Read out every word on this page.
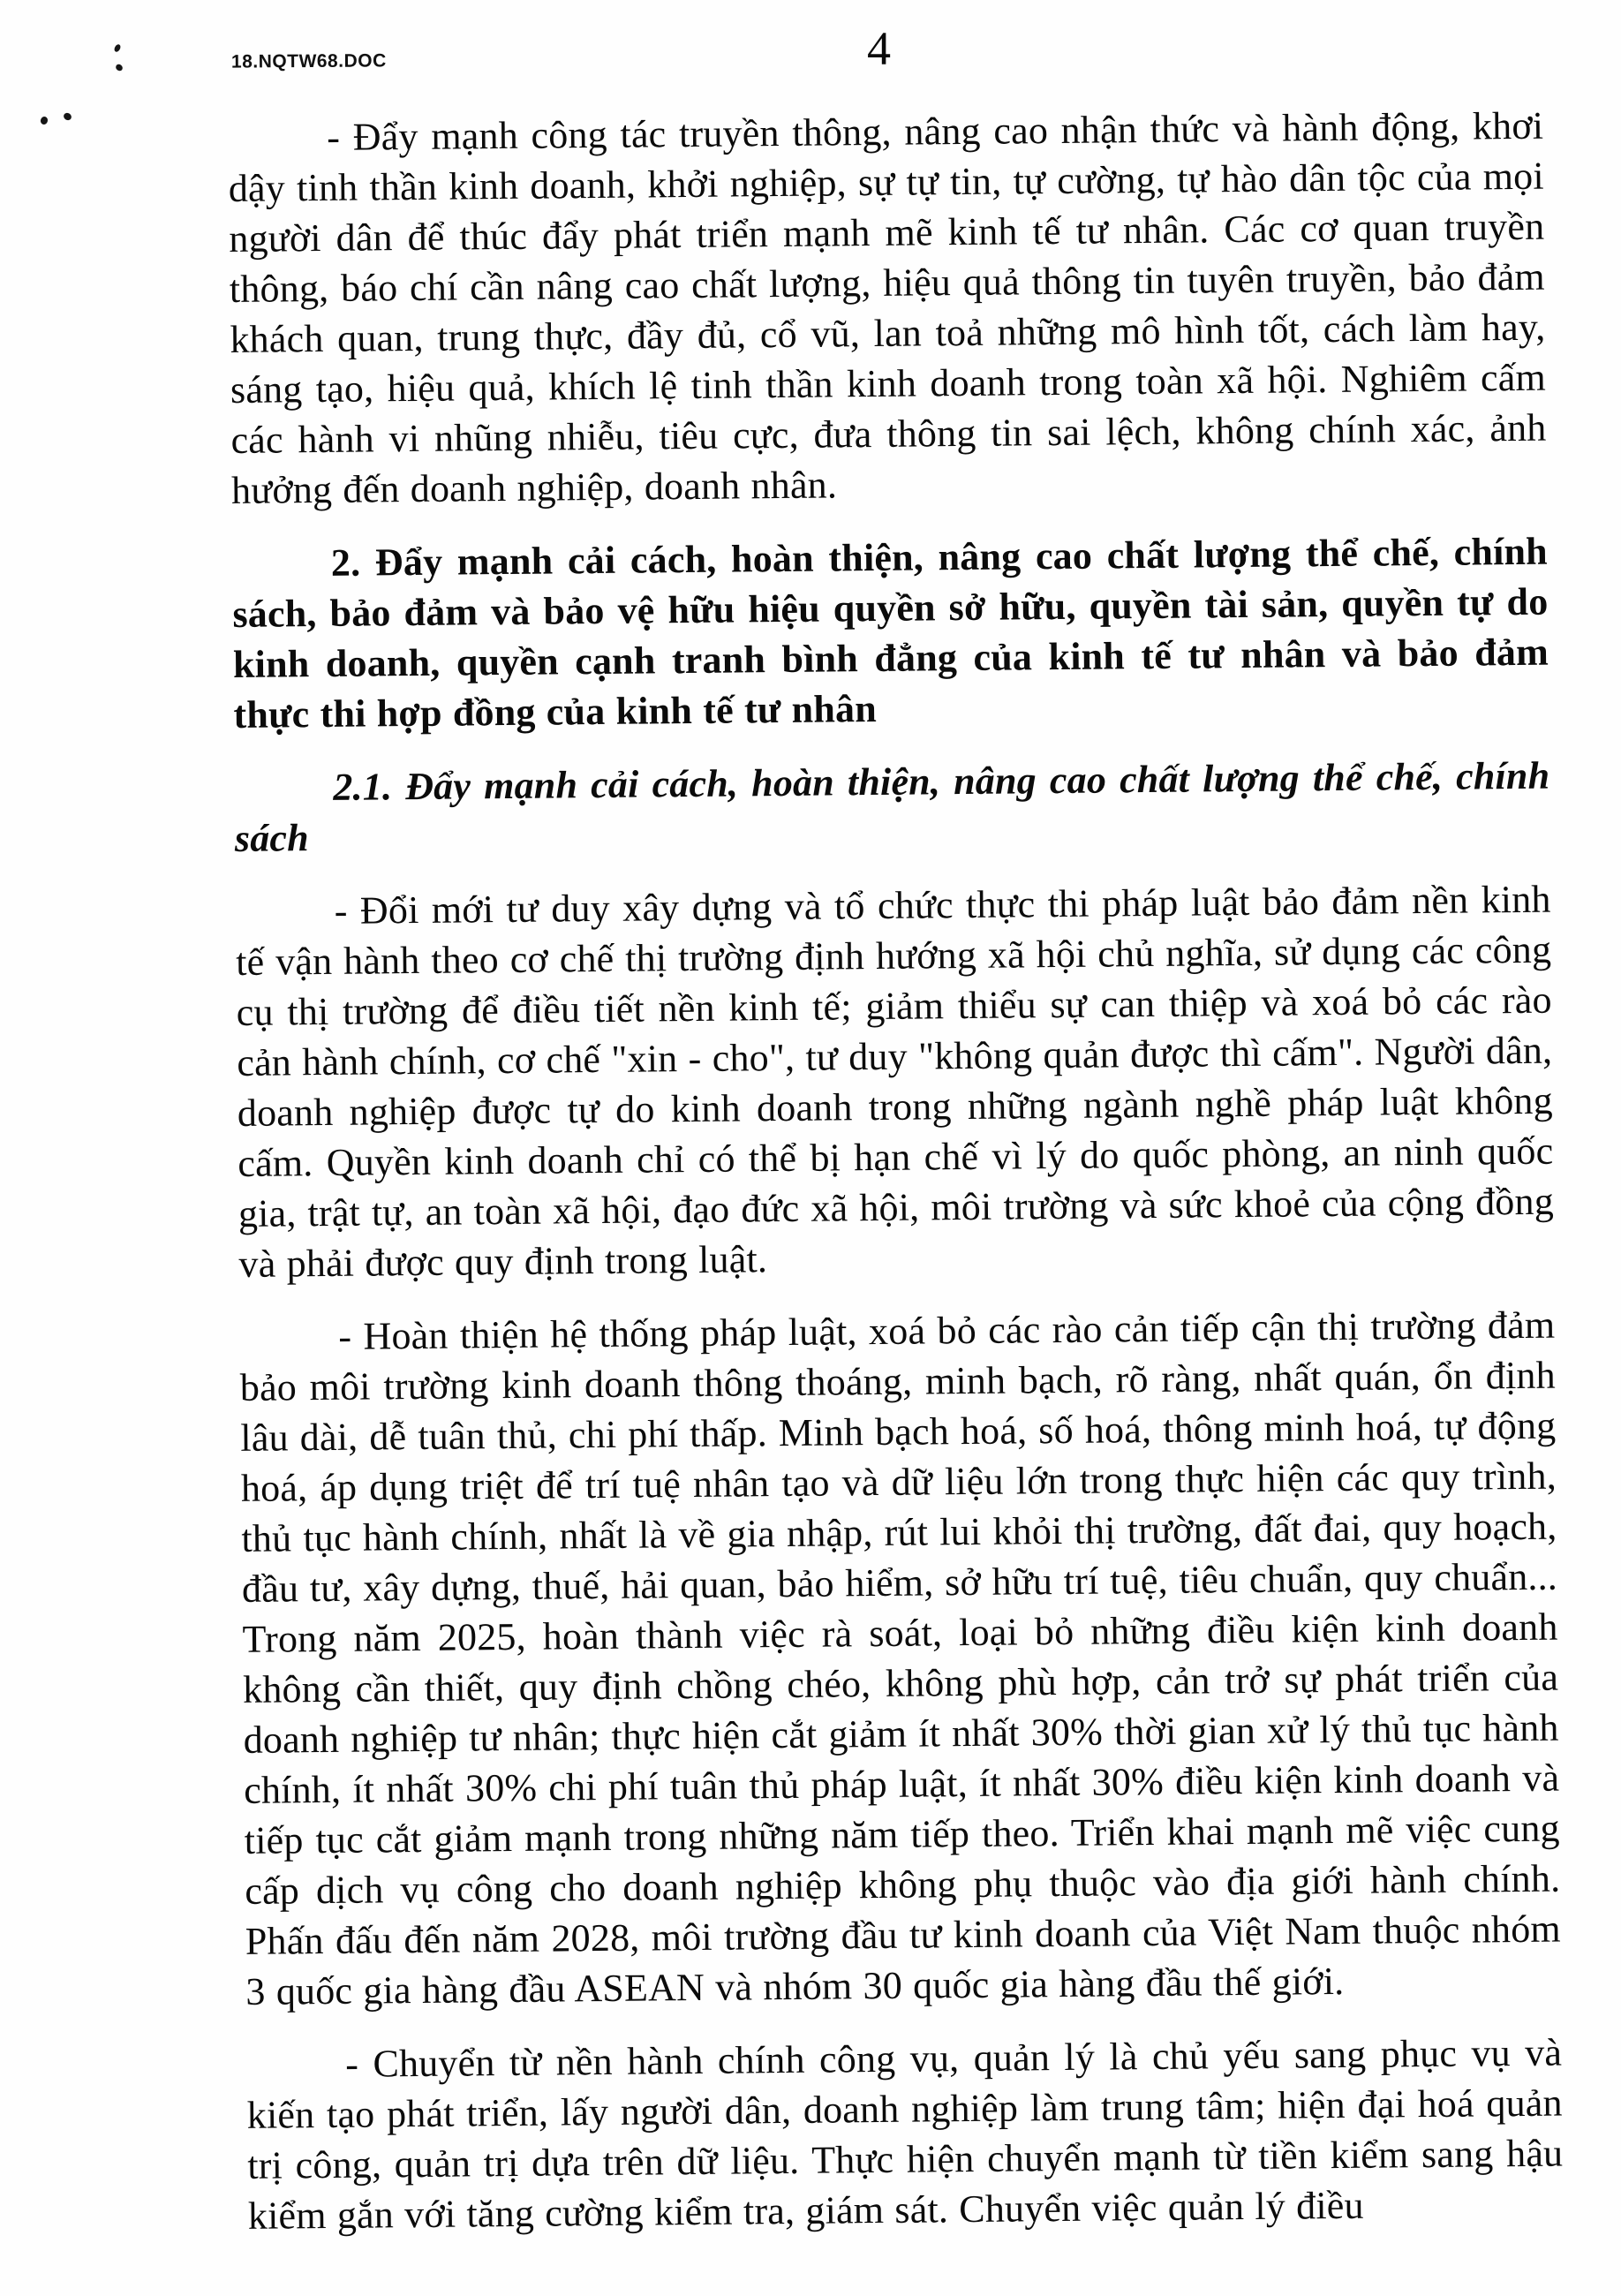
18.NQTW68.DOC	4

- Đẩy mạnh công tác truyền thông, nâng cao nhận thức và hành động, khơi dậy tinh thần kinh doanh, khởi nghiệp, sự tự tin, tự cường, tự hào dân tộc của mọi người dân để thúc đẩy phát triển mạnh mẽ kinh tế tư nhân. Các cơ quan truyền thông, báo chí cần nâng cao chất lượng, hiệu quả thông tin tuyên truyền, bảo đảm khách quan, trung thực, đầy đủ, cổ vũ, lan toả những mô hình tốt, cách làm hay, sáng tạo, hiệu quả, khích lệ tinh thần kinh doanh trong toàn xã hội. Nghiêm cấm các hành vi nhũng nhiễu, tiêu cực, đưa thông tin sai lệch, không chính xác, ảnh hưởng đến doanh nghiệp, doanh nhân.

2. Đẩy mạnh cải cách, hoàn thiện, nâng cao chất lượng thể chế, chính sách, bảo đảm và bảo vệ hữu hiệu quyền sở hữu, quyền tài sản, quyền tự do kinh doanh, quyền cạnh tranh bình đẳng của kinh tế tư nhân và bảo đảm thực thi hợp đồng của kinh tế tư nhân

2.1. Đẩy mạnh cải cách, hoàn thiện, nâng cao chất lượng thể chế, chính sách

- Đổi mới tư duy xây dựng và tổ chức thực thi pháp luật bảo đảm nền kinh tế vận hành theo cơ chế thị trường định hướng xã hội chủ nghĩa, sử dụng các công cụ thị trường để điều tiết nền kinh tế; giảm thiểu sự can thiệp và xoá bỏ các rào cản hành chính, cơ chế "xin - cho", tư duy "không quản được thì cấm". Người dân, doanh nghiệp được tự do kinh doanh trong những ngành nghề pháp luật không cấm. Quyền kinh doanh chỉ có thể bị hạn chế vì lý do quốc phòng, an ninh quốc gia, trật tự, an toàn xã hội, đạo đức xã hội, môi trường và sức khoẻ của cộng đồng và phải được quy định trong luật.

- Hoàn thiện hệ thống pháp luật, xoá bỏ các rào cản tiếp cận thị trường đảm bảo môi trường kinh doanh thông thoáng, minh bạch, rõ ràng, nhất quán, ổn định lâu dài, dễ tuân thủ, chi phí thấp. Minh bạch hoá, số hoá, thông minh hoá, tự động hoá, áp dụng triệt để trí tuệ nhân tạo và dữ liệu lớn trong thực hiện các quy trình, thủ tục hành chính, nhất là về gia nhập, rút lui khỏi thị trường, đất đai, quy hoạch, đầu tư, xây dựng, thuế, hải quan, bảo hiểm, sở hữu trí tuệ, tiêu chuẩn, quy chuẩn... Trong năm 2025, hoàn thành việc rà soát, loại bỏ những điều kiện kinh doanh không cần thiết, quy định chồng chéo, không phù hợp, cản trở sự phát triển của doanh nghiệp tư nhân; thực hiện cắt giảm ít nhất 30% thời gian xử lý thủ tục hành chính, ít nhất 30% chi phí tuân thủ pháp luật, ít nhất 30% điều kiện kinh doanh và tiếp tục cắt giảm mạnh trong những năm tiếp theo. Triển khai mạnh mẽ việc cung cấp dịch vụ công cho doanh nghiệp không phụ thuộc vào địa giới hành chính. Phấn đấu đến năm 2028, môi trường đầu tư kinh doanh của Việt Nam thuộc nhóm 3 quốc gia hàng đầu ASEAN và nhóm 30 quốc gia hàng đầu thế giới.

- Chuyển từ nền hành chính công vụ, quản lý là chủ yếu sang phục vụ và kiến tạo phát triển, lấy người dân, doanh nghiệp làm trung tâm; hiện đại hoá quản trị công, quản trị dựa trên dữ liệu. Thực hiện chuyển mạnh từ tiền kiểm sang hậu kiểm gắn với tăng cường kiểm tra, giám sát. Chuyển việc quản lý điều
